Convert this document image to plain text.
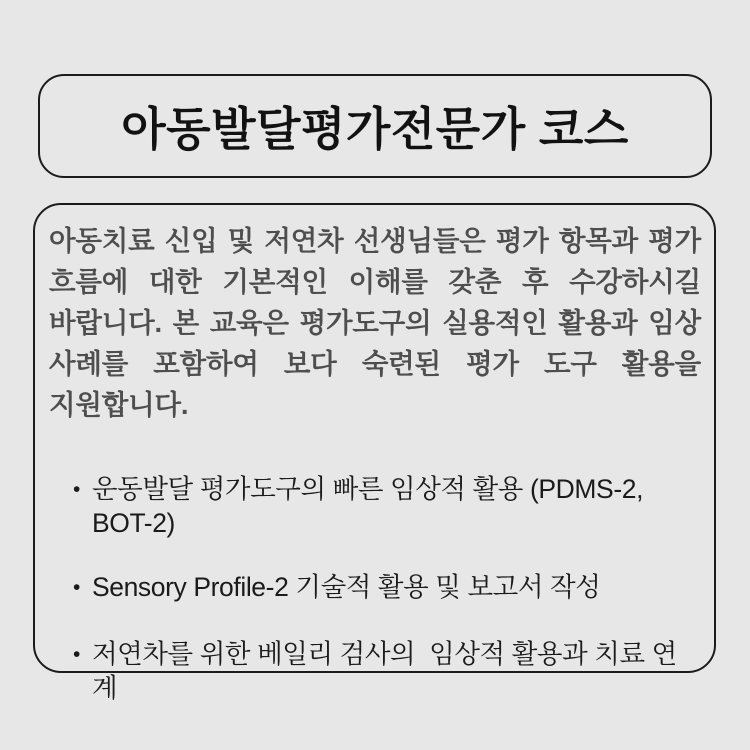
아동발달평가전문가 코스

아동치료 신입 및 저연차 선생님들은 평가 항목과 평가 흐름에 대한 기본적인 이해를 갖춘 후 수강하시길 바랍니다. 본 교육은 평가도구의 실용적인 활용과 임상 사례를 포함하여 보다 숙련된 평가 도구 활용을 지원합니다.

• 운동발달 평가도구의 빠른 임상적 활용 (PDMS-2, BOT-2)
• Sensory Profile-2 기술적 활용 및 보고서 작성
• 저연차를 위한 베일리 검사의  임상적 활용과 치료 연계
